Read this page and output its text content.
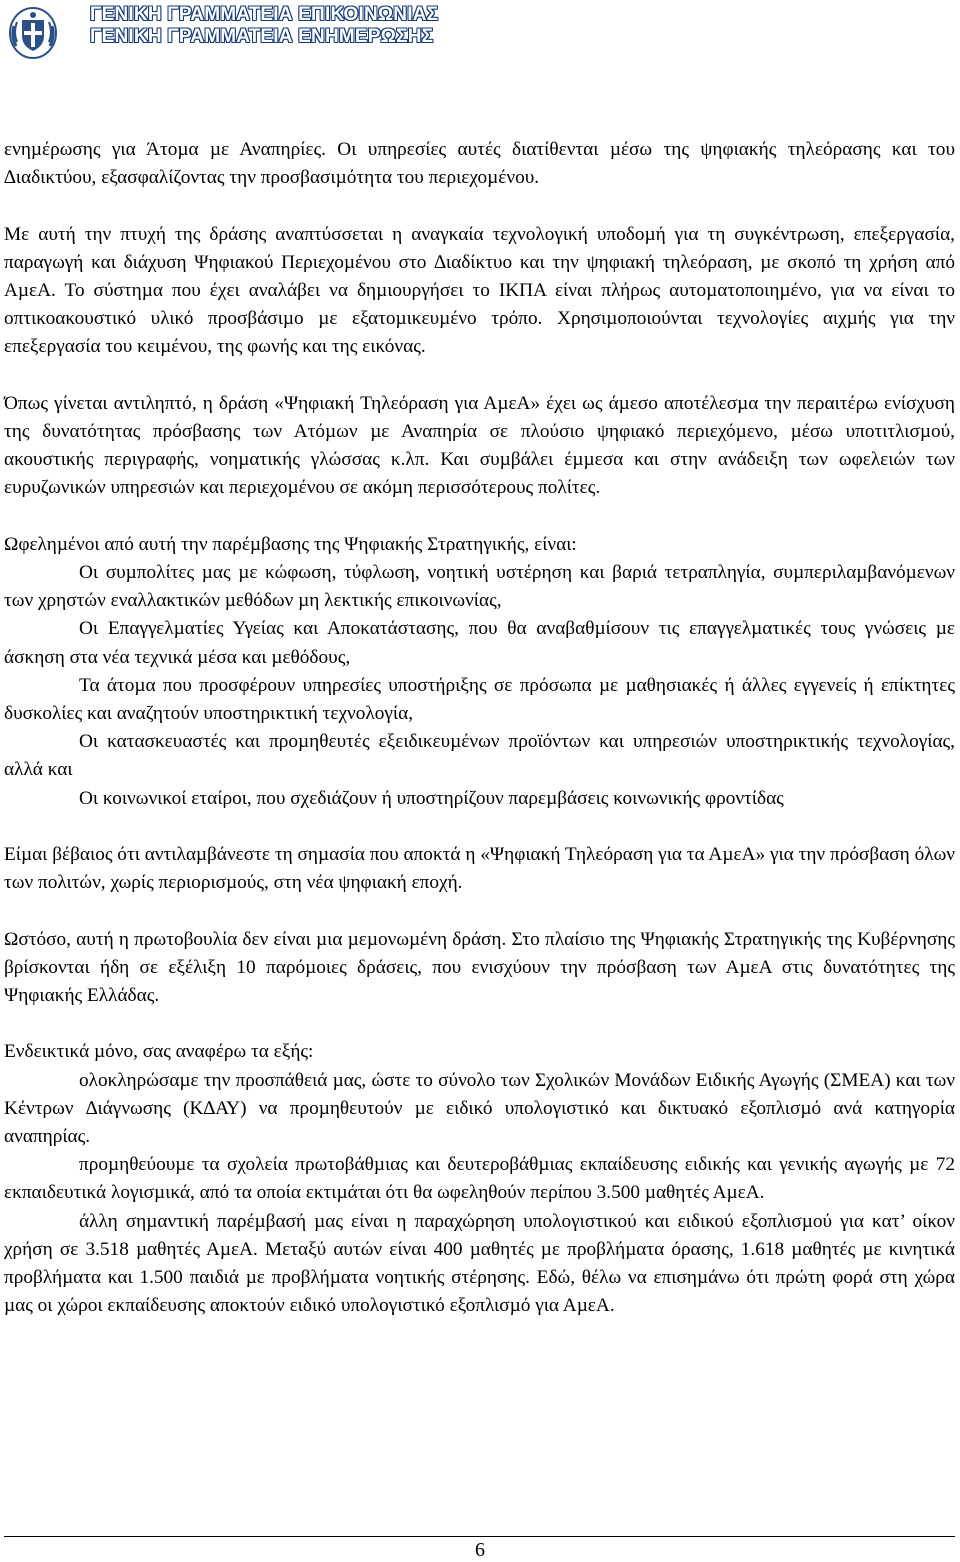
ΓΕΝΙΚΗ ΓΡΑΜΜΑΤΕΙΑ ΕΠΙΚΟΙΝΩΝΙΑΣ
ΓΕΝΙΚΗ ΓΡΑΜΜΑΤΕΙΑ ΕΝΗΜΕΡΩΣΗΣ

ενηµέρωσης για Άτοµα µε Αναπηρίες. Οι υπηρεσίες αυτές διατίθενται µέσω της ψηφιακής τηλεόρασης και του ∆ιαδικτύου, εξασφαλίζοντας την προσβασιµότητα του περιεχοµένου.

Με αυτή την πτυχή της δράσης αναπτύσσεται η αναγκαία τεχνολογική υποδοµή για τη συγκέντρωση, επεξεργασία, παραγωγή και διάχυση Ψηφιακού Περιεχοµένου στο ∆ιαδίκτυο και την ψηφιακή τηλεόραση, µε σκοπό τη χρήση από ΑµεΑ. Το σύστηµα που έχει αναλάβει να δηµιουργήσει το ΙΚΠΑ είναι πλήρως αυτοµατοποιηµένο, για να είναι το οπτικοακουστικό υλικό προσβάσιµο µε εξατοµικευµένο τρόπο. Χρησιµοποιούνται τεχνολογίες αιχµής για την επεξεργασία του κειµένου, της φωνής και της εικόνας.

Όπως γίνεται αντιληπτό, η δράση «Ψηφιακή Τηλεόραση για ΑµεΑ» έχει ως άµεσο αποτέλεσµα την περαιτέρω ενίσχυση της δυνατότητας πρόσβασης των Ατόµων µε Αναπηρία σε πλούσιο ψηφιακό περιεχόµενο, µέσω υποτιτλισµού, ακουστικής περιγραφής, νοηµατικής γλώσσας κ.λπ. Και συµβάλει έµµεσα και στην ανάδειξη των ωφελειών των ευρυζωνικών υπηρεσιών και περιεχοµένου σε ακόµη περισσότερους πολίτες.

Ωφεληµένοι από αυτή την παρέµβασης της Ψηφιακής Στρατηγικής, είναι:

Οι συµπολίτες µας µε κώφωση, τύφλωση, νοητική υστέρηση και βαριά τετραπληγία, συµπεριλαµβανόµενων των χρηστών εναλλακτικών µεθόδων µη λεκτικής επικοινωνίας,

Οι Επαγγελµατίες Υγείας και Αποκατάστασης, που θα αναβαθµίσουν τις επαγγελµατικές τους γνώσεις µε άσκηση στα νέα τεχνικά µέσα και µεθόδους,

Τα άτοµα που προσφέρουν υπηρεσίες υποστήριξης σε πρόσωπα µε µαθησιακές ή άλλες εγγενείς ή επίκτητες δυσκολίες και αναζητούν υποστηρικτική τεχνολογία,

Οι κατασκευαστές και προµηθευτές εξειδικευµένων προϊόντων και υπηρεσιών υποστηρικτικής τεχνολογίας, αλλά και

Οι κοινωνικοί εταίροι, που σχεδιάζουν ή υποστηρίζουν παρεµβάσεις κοινωνικής φροντίδας

Είµαι βέβαιος ότι αντιλαµβάνεστε τη σηµασία που αποκτά η «Ψηφιακή Τηλεόραση για τα ΑµεΑ» για την πρόσβαση όλων των πολιτών, χωρίς περιορισµούς, στη νέα ψηφιακή εποχή.

Ωστόσο, αυτή η πρωτοβουλία δεν είναι µια µεµονωµένη δράση. Στο πλαίσιο της Ψηφιακής Στρατηγικής της Κυβέρνησης βρίσκονται ήδη σε εξέλιξη 10 παρόµοιες δράσεις, που ενισχύουν την πρόσβαση των ΑµεΑ στις δυνατότητες της Ψηφιακής Ελλάδας.

Ενδεικτικά µόνο, σας αναφέρω τα εξής:

ολοκληρώσαµε την προσπάθειά µας, ώστε το σύνολο των Σχολικών Μονάδων Ειδικής Αγωγής (ΣΜΕΑ) και των Κέντρων ∆ιάγνωσης (Κ∆ΑΥ) να προµηθευτούν µε ειδικό υπολογιστικό και δικτυακό εξοπλισµό ανά κατηγορία αναπηρίας.

προµηθεύουµε τα σχολεία πρωτοβάθµιας και δευτεροβάθµιας εκπαίδευσης ειδικής και γενικής αγωγής µε 72 εκπαιδευτικά λογισµικά, από τα οποία εκτιµάται ότι θα ωφεληθούν περίπου 3.500 µαθητές ΑµεΑ.

άλλη σηµαντική παρέµβασή µας είναι η παραχώρηση υπολογιστικού και ειδικού εξοπλισµού για κατ’ οίκον χρήση σε 3.518 µαθητές ΑµεΑ. Μεταξύ αυτών είναι 400 µαθητές µε προβλήµατα όρασης, 1.618 µαθητές µε κινητικά προβλήµατα και 1.500 παιδιά µε προβλήµατα νοητικής στέρησης. Εδώ, θέλω να επισηµάνω ότι πρώτη φορά στη χώρα µας οι χώροι εκπαίδευσης αποκτούν ειδικό υπολογιστικό εξοπλισµό για ΑµεΑ.

6
